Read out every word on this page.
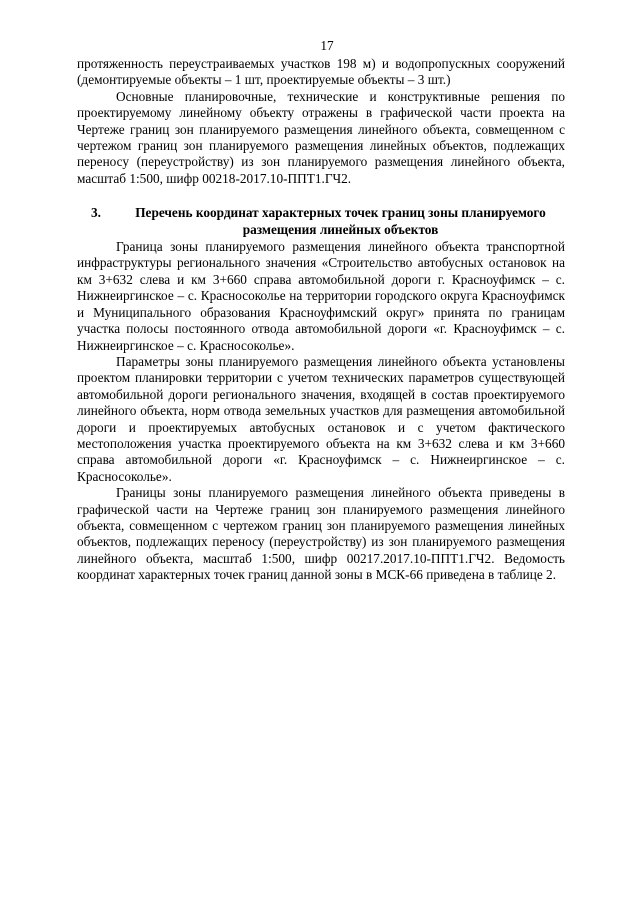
17

протяженность переустраиваемых участков 198 м) и водопропускных сооружений (демонтируемые объекты – 1 шт, проектируемые объекты – 3 шт.)

Основные планировочные, технические и конструктивные решения по проектируемому линейному объекту отражены в графической части проекта на Чертеже границ зон планируемого размещения линейного объекта, совмещенном с чертежом границ зон планируемого размещения линейных объектов, подлежащих переносу (переустройству) из зон планируемого размещения линейного объекта, масштаб 1:500, шифр 00218-2017.10-ППТ1.ГЧ2.

3.	Перечень координат характерных точек границ зоны планируемого размещения линейных объектов

Граница зоны планируемого размещения линейного объекта транспортной инфраструктуры регионального значения «Строительство автобусных остановок на км 3+632 слева и км 3+660 справа автомобильной дороги г. Красноуфимск – с. Нижнеиргинское – с. Красносоколье на территории городского округа Красноуфимск и Муниципального образования Красноуфимский округ» принята по границам участка полосы постоянного отвода автомобильной дороги «г. Красноуфимск – с. Нижнеиргинское – с. Красносоколье».

Параметры зоны планируемого размещения линейного объекта установлены проектом планировки территории с учетом технических параметров существующей автомобильной дороги регионального значения, входящей в состав проектируемого линейного объекта, норм отвода земельных участков для размещения автомобильной дороги и проектируемых автобусных остановок и с учетом фактического местоположения участка проектируемого объекта на км 3+632 слева и км 3+660 справа автомобильной дороги «г. Красноуфимск – с. Нижнеиргинское – с. Красносоколье».

Границы зоны планируемого размещения линейного объекта приведены в графической части на Чертеже границ зон планируемого размещения линейного объекта, совмещенном с чертежом границ зон планируемого размещения линейных объектов, подлежащих переносу (переустройству) из зон планируемого размещения линейного объекта, масштаб 1:500, шифр 00217.2017.10-ППТ1.ГЧ2. Ведомость координат характерных точек границ данной зоны в МСК-66 приведена в таблице 2.
